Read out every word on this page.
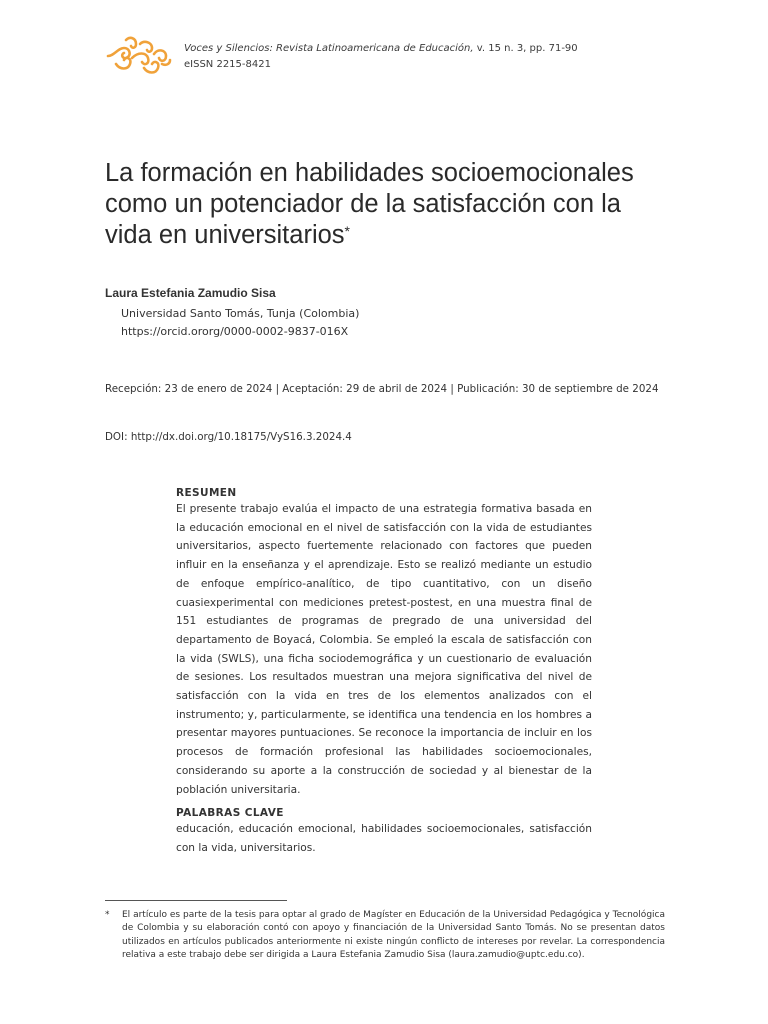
Voces y Silencios: Revista Latinoamericana de Educación, v. 15 n. 3, pp. 71-90
eISSN 2215-8421
La formación en habilidades socioemocionales como un potenciador de la satisfacción con la vida en universitarios*
Laura Estefania Zamudio Sisa
Universidad Santo Tomás, Tunja (Colombia)
https://orcid.ororg/0000-0002-9837-016X
Recepción: 23 de enero de 2024 | Aceptación: 29 de abril de 2024 | Publicación: 30 de septiembre de 2024
DOI: http://dx.doi.org/10.18175/VyS16.3.2024.4
RESUMEN

El presente trabajo evalúa el impacto de una estrategia formativa basada en la educación emocional en el nivel de satisfacción con la vida de estudiantes universitarios, aspecto fuertemente relacionado con factores que pueden influir en la enseñanza y el aprendizaje. Esto se realizó mediante un estudio de enfoque empírico-analítico, de tipo cuantitativo, con un diseño cuasiexperimental con mediciones pretest-postest, en una muestra final de 151 estudiantes de programas de pregrado de una universidad del departamento de Boyacá, Colombia. Se empleó la escala de satisfacción con la vida (SWLS), una ficha sociodemográfica y un cuestionario de evaluación de sesiones. Los resultados muestran una mejora significativa del nivel de satisfacción con la vida en tres de los elementos analizados con el instrumento; y, particularmente, se identifica una tendencia en los hombres a presentar mayores puntuaciones. Se reconoce la importancia de incluir en los procesos de formación profesional las habilidades socioemocionales, considerando su aporte a la construcción de sociedad y al bienestar de la población universitaria.

PALABRAS CLAVE

educación, educación emocional, habilidades socioemocionales, satisfacción con la vida, universitarios.

* El artículo es parte de la tesis para optar al grado de Magíster en Educación de la Universidad Pedagógica y Tecnológica de Colombia y su elaboración contó con apoyo y financiación de la Universidad Santo Tomás. No se presentan datos utilizados en artículos publicados anteriormente ni existe ningún conflicto de intereses por revelar. La correspondencia relativa a este trabajo debe ser dirigida a Laura Estefania Zamudio Sisa (laura.zamudio@uptc.edu.co).
